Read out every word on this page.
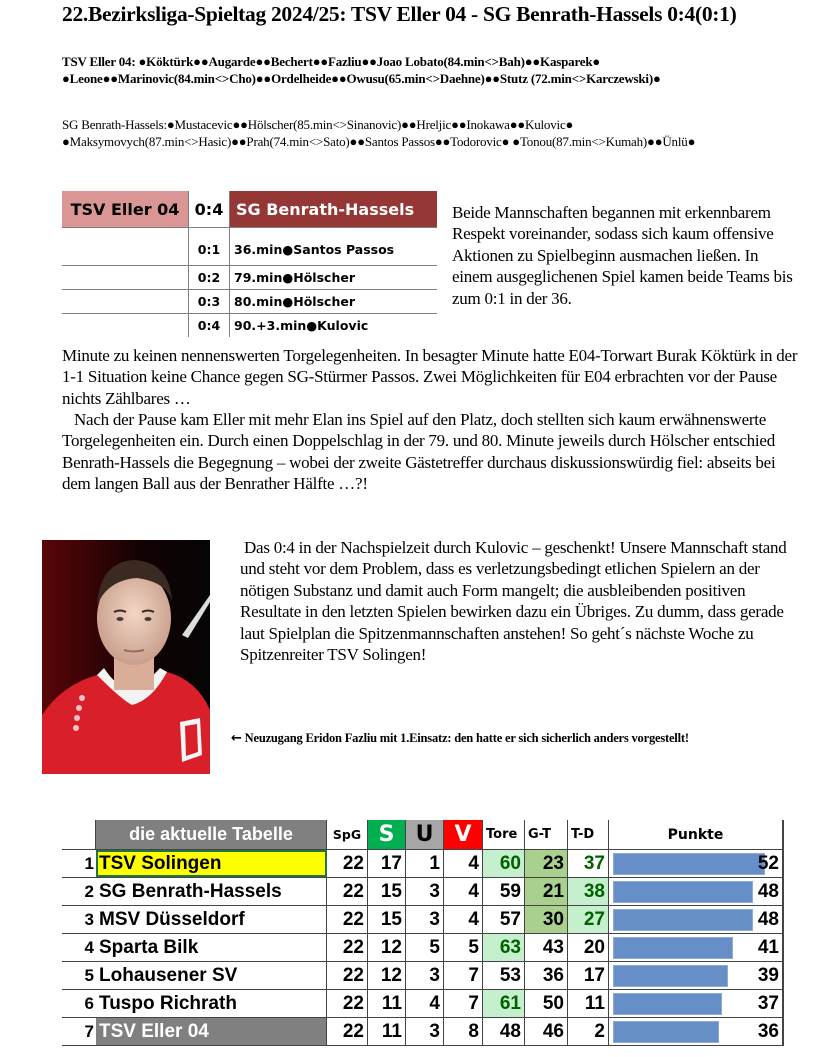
22.Bezirksliga-Spieltag 2024/25: TSV Eller 04 - SG Benrath-Hassels 0:4(0:1)
TSV Eller 04: ●Köktürk●●Augarde●●Bechert●●Fazliu●●Joao Lobato(84.min<>Bah)●●Kasparek● ●Leone●●Marinovic(84.min<>Cho)●●Ordelheide●●Owusu(65.min<>Daehne)●●Stutz (72.min<>Karczewski)●
SG Benrath-Hassels:●Mustacevic●●Hölscher(85.min<>Sinanovic)●●Hreljic●●Inokawa●●Kulovic● ●Maksymovych(87.min<>Hasic)●●Prah(74.min<>Sato)●●Santos Passos●●Todorovic● ●Tonou(87.min<>Kumah)●●Ünlü●
TSV Eller 04 0:4 SG Benrath-Hassels
0:1	36.min●Santos Passos
0:2	79.min●Hölscher
0:3	80.min●Hölscher
0:4	90.+3.min●Kulovic
Beide Mannschaften begannen mit erkennbarem Respekt voreinander, sodass sich kaum offensive Aktionen zu Spielbeginn ausmachen ließen. In einem ausgeglichenen Spiel kamen beide Teams bis zum 0:1 in der 36.
Minute zu keinen nennenswerten Torgelegenheiten. In besagter Minute hatte E04-Torwart Burak Köktürk in der 1-1 Situation keine Chance gegen SG-Stürmer Passos. Zwei Möglichkeiten für E04 erbrachten vor der Pause nichts Zählbares …
Nach der Pause kam Eller mit mehr Elan ins Spiel auf den Platz, doch stellten sich kaum erwähnenswerte Torgelegenheiten ein. Durch einen Doppelschlag in der 79. und 80. Minute jeweils durch Hölscher entschied Benrath-Hassels die Begegnung – wobei der zweite Gästetreffer durchaus diskussionswürdig fiel: abseits bei dem langen Ball aus der Benrather Hälfte …?!
Das 0:4 in der Nachspielzeit durch Kulovic – geschenkt! Unsere Mannschaft stand und steht vor dem Problem, dass es verletzungsbedingt etlichen Spielern an der nötigen Substanz und damit auch Form mangelt; die ausbleibenden positiven Resultate in den letzten Spielen bewirken dazu ein Übriges. Zu dumm, dass gerade laut Spielplan die Spitzenmannschaften anstehen! So geht´s nächste Woche zu Spitzenreiter TSV Solingen!
← Neuzugang Eridon Fazliu mit 1.Einsatz: den hatte er sich sicherlich anders vorgestellt!
die aktuelle Tabelle	SpG S U V	Tore G-T	T-D	Punkte
1 TSV Solingen	22 17	1	4	60	23	37	52
2 SG Benrath-Hassels	22 15	3	4	59	21	38	48
3 MSV Düsseldorf	22 15	3	4	57	30	27	48
4 Sparta Bilk	22 12	5	5	63	43	20	41
5 Lohausener SV	22 12	3	7	53	36	17	39
6 Tuspo Richrath	22 11	4	7	61	50	11	37
7 TSV Eller 04	22 11	3	8	48	46	2	36
